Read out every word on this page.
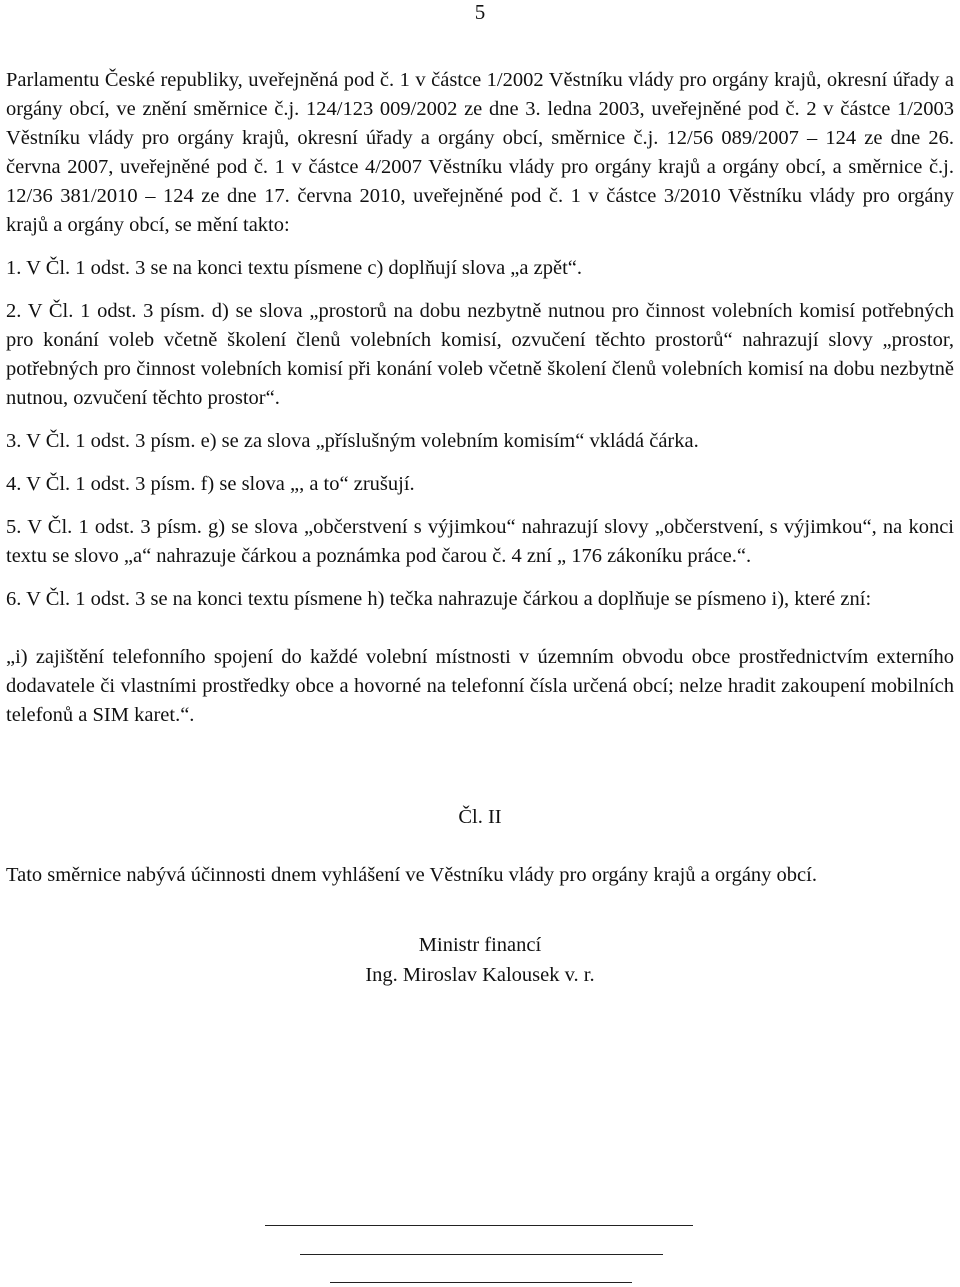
5

Parlamentu České republiky, uveřejněná pod č. 1 v částce 1/2002 Věstníku vlády pro orgány krajů, okresní úřady a orgány obcí, ve znění směrnice č.j. 124/123 009/2002 ze dne 3. ledna 2003, uveřejněné pod č. 2 v částce 1/2003 Věstníku vlády pro orgány krajů, okresní úřady a orgány obcí, směrnice č.j. 12/56 089/2007 – 124 ze dne 26. června 2007, uveřejněné pod č. 1 v částce 4/2007 Věstníku vlády pro orgány krajů a orgány obcí, a směrnice č.j. 12/36 381/2010 – 124 ze dne 17. června 2010, uveřejněné pod č. 1 v částce 3/2010 Věstníku vlády pro orgány krajů a orgány obcí, se mění takto:

1. V Čl. 1 odst. 3 se na konci textu písmene c) doplňují slova „a zpět“.

2. V Čl. 1 odst. 3 písm. d) se slova „prostorů na dobu nezbytně nutnou pro činnost volebních komisí potřebných pro konání voleb včetně školení členů volebních komisí, ozvučení těchto prostorů“ nahrazují slovy „prostor, potřebných pro činnost volebních komisí při konání voleb včetně školení členů volebních komisí na dobu nezbytně nutnou, ozvučení těchto prostor“.

3. V Čl. 1 odst. 3 písm. e) se za slova „příslušným volebním komisím“ vkládá čárka.

4. V Čl. 1 odst. 3 písm. f) se slova „, a to“ zrušují.

5. V Čl. 1 odst. 3 písm. g) se slova „občerstvení s výjimkou“ nahrazují slovy „občerstvení, s výjimkou“, na konci textu se slovo „a“ nahrazuje čárkou a poznámka pod čarou č. 4 zní „ 176 zákoníku práce.“.

6. V Čl. 1 odst. 3 se na konci textu písmene h) tečka nahrazuje čárkou a doplňuje se písmeno i), které zní:

„i) zajištění telefonního spojení do každé volební místnosti v územním obvodu obce prostřednictvím externího dodavatele či vlastními prostředky obce a hovorné na telefonní čísla určená obcí; nelze hradit zakoupení mobilních telefonů a SIM karet.“.

Čl. II

Tato směrnice nabývá účinnosti dnem vyhlášení ve Věstníku vlády pro orgány krajů a orgány obcí.

Ministr financí

Ing. Miroslav Kalousek v. r.
